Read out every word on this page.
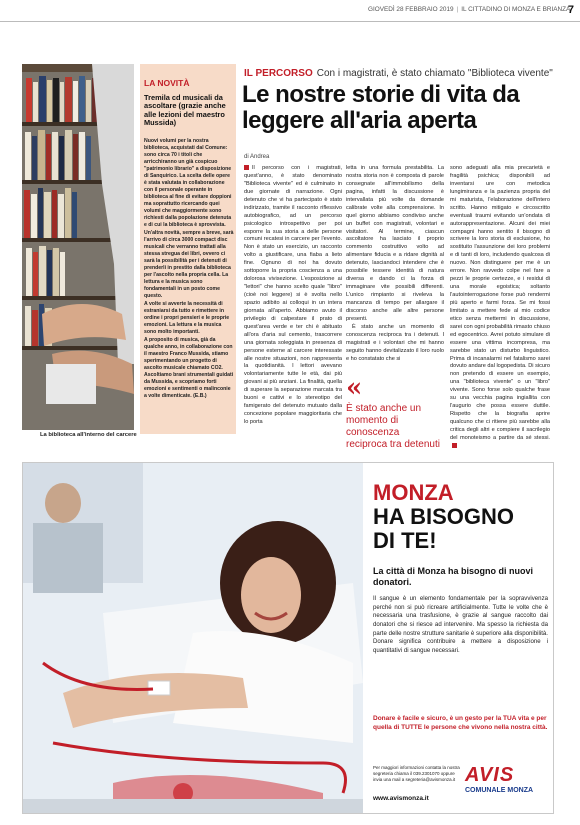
GIOVEDÌ 28 FEBBRAIO 2019 | IL CITTADINO DI MONZA E BRIANZA
7
La biblioteca all'interno del carcere
LA NOVITÀ
Tremila cd musicali da ascoltare (grazie anche alle lezioni del maestro Mussida)

Nuovi volumi per la nostra biblioteca, acquistati dal Comune: sono circa 70 i titoli che arricchiranno un già cospicuo "patrimonio librario" a disposizione di Sanquirico. La scelta delle opere è stata valutata in collaborazione con il personale operante in biblioteca al fine di evitare doppioni ma soprattutto ricercando quei volumi che maggiormente sono richiesti dalla popolazione detenuta e di cui la biblioteca è sprovvista.

Un'altra novità, sempre a breve, sarà l'arrivo di circa 3000 compact disc musicali che verranno trattati alla stessa stregua dei libri, ovvero ci sarà la possibilità per i detenuti di prenderli in prestito dalla biblioteca per l'ascolto nella propria cella. La lettura e la musica sono fondamentali in un posto come questo.

A volte si avverte la necessità di estraniarsi da tutto e rimettere in ordine i propri pensieri e le proprie emozioni. La lettura e la musica sono molto importanti.

A proposito di musica, già da qualche anno, in collaborazione con il maestro Franco Mussida, stiamo sperimentando un progetto di ascolto musicale chiamato CO2. Ascoltiamo brani strumentali guidati da Mussida, e scopriamo forti emozioni e sentimenti o malinconie a volte dimenticate. (E.B.)

IL PERCORSO Con i magistrati, è stato chiamato "Biblioteca vivente"
Le nostre storie di vita da leggere all'aria aperta
di Andrea

Il percorso con i magistrati, quest'anno, è stato denominato "Biblioteca vivente" ed è culminato in due giornate di narrazione. Ogni detenuto che vi ha partecipato è stato indirizzato, tramite il racconto riflessivo autobiografico, ad un percorso psicologico introspettivo per poi esporre la sua storia a delle persone comuni recatesi in carcere per l'evento. Non è stato un esercizio, un racconto volto a giustificare, una fiaba a lieto fine. Ognuno di noi ha dovuto sottoporre la propria coscienza a una dolorosa vivisezione. L'esposizione ai "lettori" che hanno scelto quale "libro" (cioè noi leggere) si è svolta nello spazio adibito ai colloqui in un intera giornata all'aperto. Abbiamo avuto il privilegio di calpestare il prato di quest'area verde e ter chi è abituato all'ora d'aria sul cemento, trascorrere una giornata soleggiata in presenza di persone esterne al carcere interessate alle nostre situazioni, non rappresenta la quotidianità. I lettori avevano volontariamente tutte le età, dai più giovani ai più anziani. La finalità, quella di superare la separazione marcata tra buoni e cattivi e lo stereotipo del famigerato del detenuto mutuato dalla concezione popolare maggioritaria che lo porta

letta in una formula prestabilita. La nostra storia non è composta di parole consegnate all'immobilismo della pagina, infatti la discussione è intervallata più volte da domande calibrate volte alla comprensione. In quel giorno abbiamo condiviso anche un buffet con magistrati, volontari e visitatori. Al termine, ciascun ascoltatore ha lasciato il proprio commento costruttivo volto ad alimentare fiducia e a ridare dignità al detenuto, lasciandoci intendere che è possibile tessere identità di natura diversa e dando ci la forza di immaginare vite possibili differenti. L'unico rimpianto si riveleva la mancanza di tempo per allargare il discorso anche alle altre persone presenti.

È stato anche un momento di conoscenza reciproca tra i detenuti. I magistrati e i volontari che mi hanno seguito hanno devitalizzato il loro ruolo e ho constatato che si

«
È stato anche un momento di conoscenza reciproca tra detenuti

sono adeguati alla mia precarietà e fragilità psichica; disponibili ad inventarsi ure con metodica lungimiranza e la pazienza propria del mi maturista, l'elaborazione dell'intero scritto. Hanno mitigato e circoscritto eventuali traumi evitando un'ondata di autorappresentazione. Alcuni dei miei compagni hanno sentito il bisogno di scrivere la loro storia di esclusione, ho sostituito l'assunzione dei loro problemi e di tanti di loro, includendo qualcosa di nuovo. Non distinguere per me è un errore. Non ravvedo colpe nel fare a pezzi le proprie certezze, e i residui di una morale egoistica; soltanto l'autointerrogazione forse può rendermi più aperto e farmi forza. Se mi fossi limitato a mettere fede al mio codice etico senza mettermi in discussione, sarei con ogni probabilità rimasto chiuso ed egocentrico. Avrei potuto simulare di essere una vittima incompresa, ma sarebbe stato un disturbo linguistico. Prima di incanalarmi nel fatalismo sarei dovuto andare dal logopedista. Di sicuro non pretendo di essere un esempio, una "biblioteca vivente" o un "libro" vivente. Sono forse solo qualche frase su una vecchia pagina ingiallita con l'augurio che possa essere duttile. Rispetto che la biografia aprire qualcuno che ci ritiene più sarebbe alla critica degli altri e compiere il sacrilegio del monoteismo a partire da sé stessi.

MONZA
HA BISOGNO
DI TE!
La città di Monza ha bisogno di nuovi donatori.
Il sangue è un elemento fondamentale per la sopravvivenza perché non si può ricreare artificialmente. Tutte le volte che è necessaria una trasfusione, è grazie al sangue raccolto dai donatori che si riesce ad intervenire. Ma spesso la richiesta da parte delle nostre strutture sanitarie è superiore alla disponibilità. Donare significa contribuire a mettere a disposizione i quantitativi di sangue necessari.
Donare è facile e sicuro, è un gesto per la TUA vita e per quella di TUTTE le persone che vivono nella nostra città.
Per maggiori informazioni contatta la nostra segreteria chiama il 039.2301070 oppure invia una mail a segreteria@avismonza.it
www.avismonza.it
AVIS
COMUNALE MONZA
